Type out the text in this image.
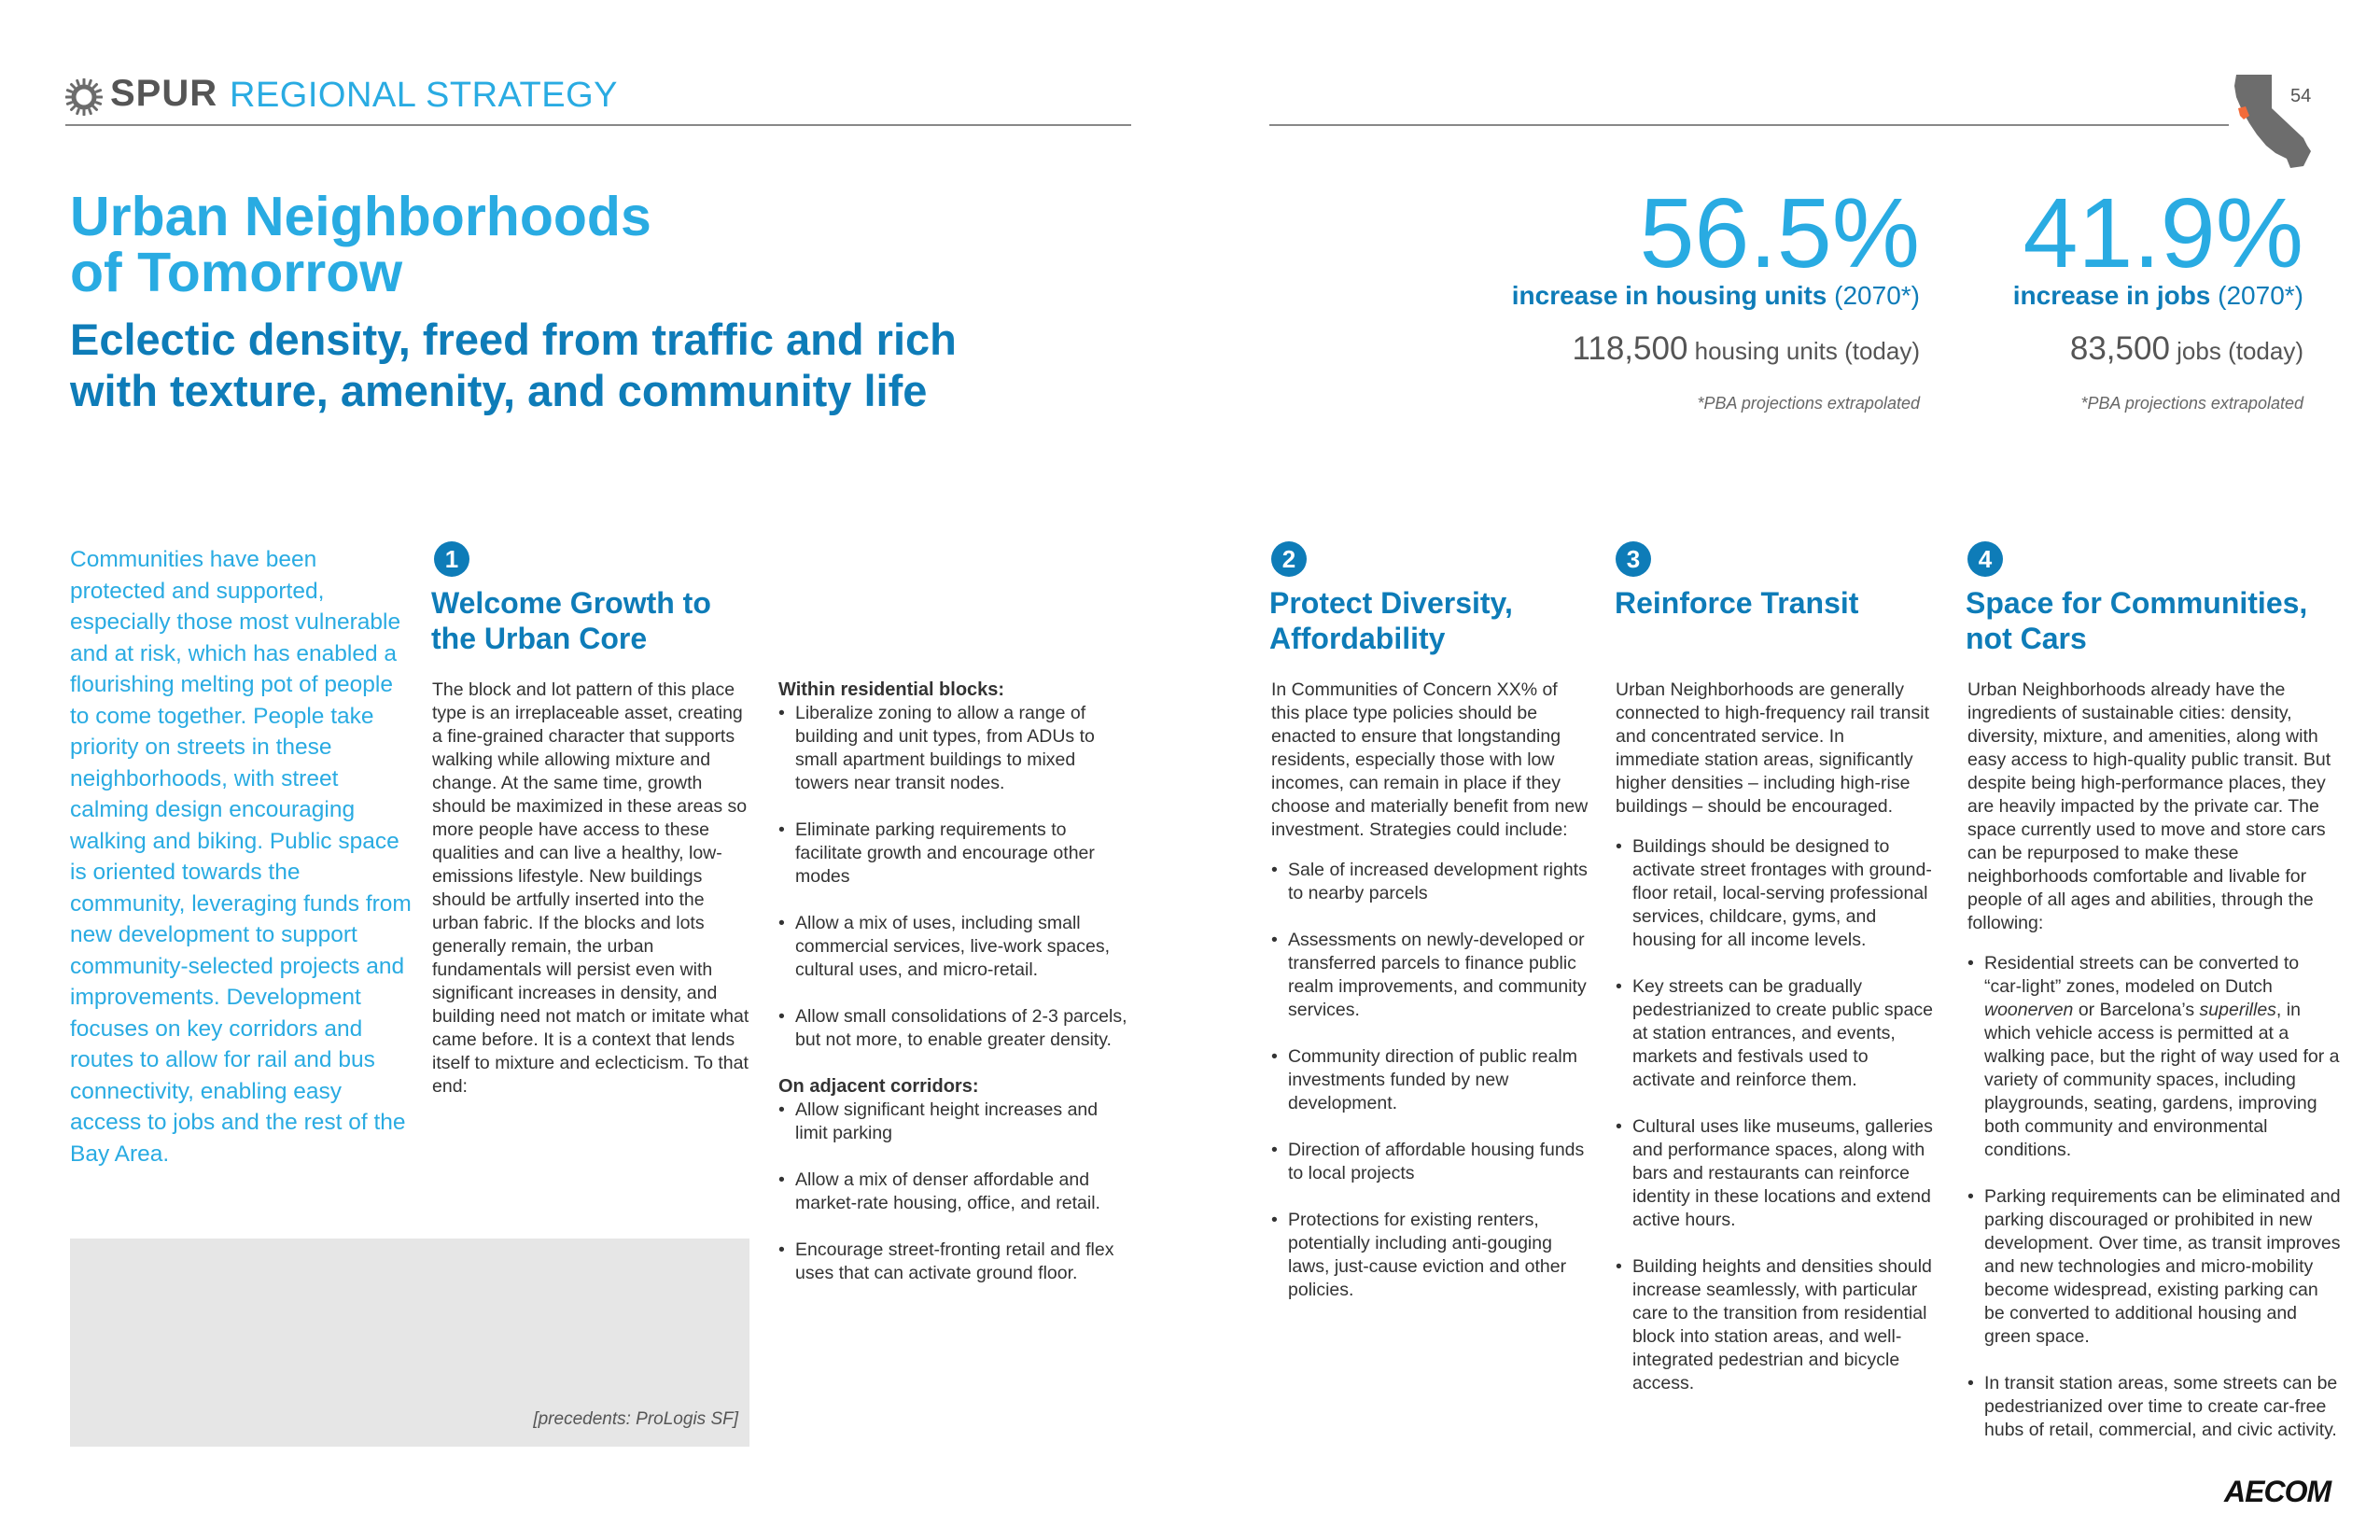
SPUR REGIONAL STRATEGY	54
Urban Neighborhoods
of Tomorrow
Eclectic density, freed from traffic and rich
with texture, amenity, and community life
56.5%
increase in housing units (2070*)
118,500 housing units (today)
*PBA projections extrapolated
41.9%
increase in jobs (2070*)
83,500 jobs (today)
*PBA projections extrapolated

Communities have been protected and supported, especially those most vulnerable and at risk, which has enabled a flourishing melting pot of people to come together. People take priority on streets in these neighborhoods, with street calming design encouraging walking and biking. Public space is oriented towards the community, leveraging funds from new development to support community-selected projects and improvements. Development focuses on key corridors and routes to allow for rail and bus connectivity, enabling easy access to jobs and the rest of the Bay Area.

1
Welcome Growth to
the Urban Core

The block and lot pattern of this place type is an irreplaceable asset, creating a fine-grained character that supports walking while allowing mixture and change. At the same time, growth should be maximized in these areas so more people have access to these qualities and can live a healthy, low-emissions lifestyle. New buildings should be artfully inserted into the urban fabric. If the blocks and lots generally remain, the urban fundamentals will persist even with significant increases in density, and building need not match or imitate what came before. It is a context that lends itself to mixture and eclecticism. To that end:

Within residential blocks:

• Liberalize zoning to allow a range of building and unit types, from ADUs to small apartment buildings to mixed towers near transit nodes.
• Eliminate parking requirements to facilitate growth and encourage other modes
• Allow a mix of uses, including small commercial services, live-work spaces, cultural uses, and micro-retail.
• Allow small consolidations of 2-3 parcels, but not more, to enable greater density.

On adjacent corridors:

• Allow significant height increases and limit parking
• Allow a mix of denser affordable and market-rate housing, office, and retail.
• Encourage street-fronting retail and flex uses that can activate ground floor.
[precedents: ProLogis SF]
2
Protect Diversity,
Affordability

In Communities of Concern XX% of this place type policies should be enacted to ensure that longstanding residents, especially those with low incomes, can remain in place if they choose and materially benefit from new investment. Strategies could include:

• Sale of increased development rights to nearby parcels
• Assessments on newly-developed or transferred parcels to finance public realm improvements, and community services.
• Community direction of public realm investments funded by new development.
• Direction of affordable housing funds to local projects
• Protections for existing renters, potentially including anti-gouging laws, just-cause eviction and other policies.
3
Reinforce Transit

Urban Neighborhoods are generally connected to high-frequency rail transit and concentrated service. In immediate station areas, significantly higher densities – including high-rise buildings – should be encouraged.

• Buildings should be designed to activate street frontages with ground-floor retail, local-serving professional services, childcare, gyms, and housing for all income levels.
• Key streets can be gradually pedestrianized to create public space at station entrances, and events, markets and festivals used to activate and reinforce them.
• Cultural uses like museums, galleries and performance spaces, along with bars and restaurants can reinforce identity in these locations and extend active hours.
• Building heights and densities should increase seamlessly, with particular care to the transition from residential block into station areas, and well-integrated pedestrian and bicycle access.
4
Space for Communities,
not Cars

Urban Neighborhoods already have the ingredients of sustainable cities: density, diversity, mixture, and amenities, along with easy access to high-quality public transit. But despite being high-performance places, they are heavily impacted by the private car. The space currently used to move and store cars can be repurposed to make these neighborhoods comfortable and livable for people of all ages and abilities, through the following:

• Residential streets can be converted to “car-light” zones, modeled on Dutch woonerven or Barcelona’s superilles, in which vehicle access is permitted at a walking pace, but the right of way used for a variety of community spaces, including playgrounds, seating, gardens, improving both community and environmental conditions.
• Parking requirements can be eliminated and parking discouraged or prohibited in new development. Over time, as transit improves and new technologies and micro-mobility become widespread, existing parking can be converted to additional housing and green space.
• In transit station areas, some streets can be pedestrianized over time to create car-free hubs of retail, commercial, and civic activity.
AECOM
